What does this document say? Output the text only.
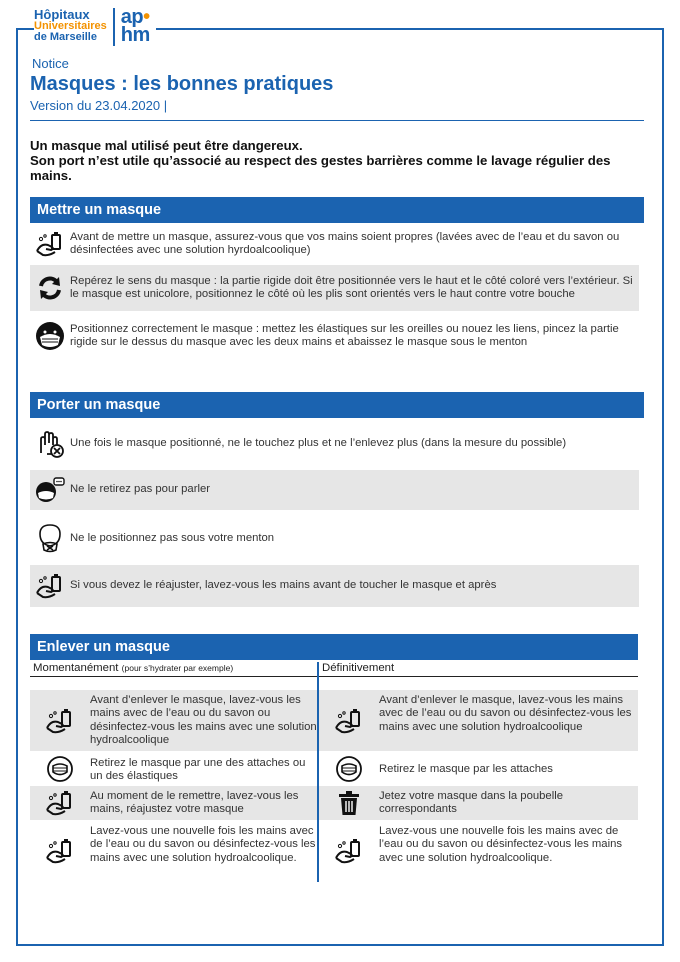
Hôpitaux
Universitaires
de Marseille
ap•
hm
Notice
Masques : les bonnes pratiques
Version du 23.04.2020 |
Un masque mal utilisé peut être dangereux.
Son port n’est utile qu’associé au respect des gestes barrières comme le lavage régulier des mains.
Mettre un masque
Avant de mettre un masque, assurez-vous que vos mains soient propres (lavées avec de l’eau et du savon ou désinfectées avec une solution hyrdoalcoolique)
Repérez le sens du masque : la partie rigide doit être positionnée vers le haut et le côté coloré vers l’extérieur. Si le masque est unicolore, positionnez le côté où les plis sont orientés vers le haut contre votre bouche
Positionnez correctement le masque : mettez les élastiques sur les oreilles ou nouez les liens, pincez la partie rigide sur le dessus du masque avec les deux mains et abaissez le masque sous le menton
Porter un masque
Une fois le masque positionné, ne le touchez plus et ne l’enlevez plus (dans la mesure du possible)
Ne le retirez pas pour parler
Ne le positionnez pas sous votre menton
Si vous devez le réajuster, lavez-vous les mains avant de toucher le masque et après
Enlever un masque
Momentanément (pour s’hydrater par exemple)	Définitivement
Avant d’enlever le masque, lavez-vous les mains avec de l’eau ou du savon ou désinfectez-vous les mains avec une solution hydroalcoolique
Retirez le masque par une des attaches ou un des élastiques
Au moment de le remettre, lavez-vous les mains, réajustez votre masque
Lavez-vous une nouvelle fois les mains avec de l’eau ou du savon ou désinfectez-vous les mains avec une solution hydroalcoolique.
Avant d’enlever le masque, lavez-vous les mains avec de l’eau ou du savon ou désinfectez-vous les mains avec une solution hydroalcoolique
Retirez le masque par les attaches
Jetez votre masque dans la poubelle correspondants
Lavez-vous une nouvelle fois les mains avec de l’eau ou du savon ou désinfectez-vous les mains avec une solution hydroalcoolique.
